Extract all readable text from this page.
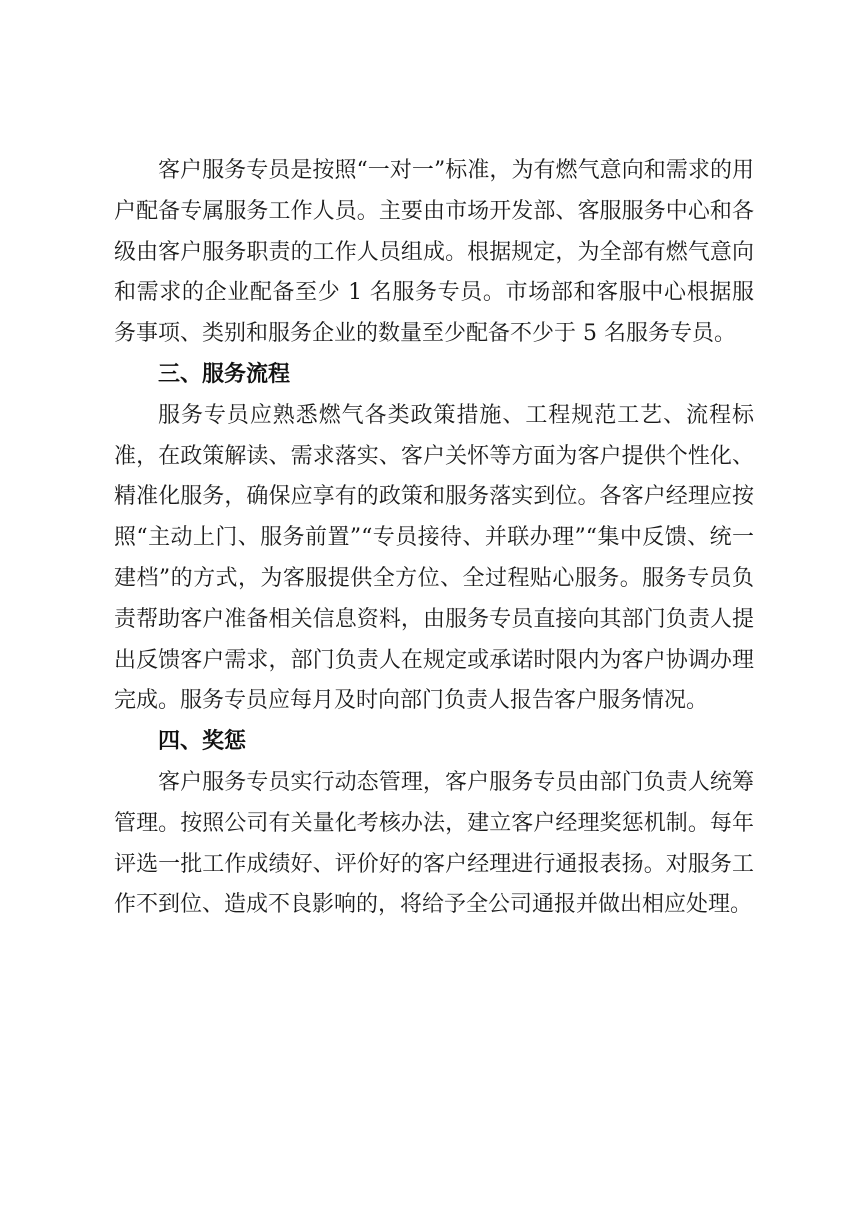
客户服务专员是按照“一对一”标准，为有燃气意向和需求的用户配备专属服务工作人员。主要由市场开发部、客服服务中心和各级由客户服务职责的工作人员组成。根据规定，为全部有燃气意向和需求的企业配备至少 1 名服务专员。市场部和客服中心根据服务事项、类别和服务企业的数量至少配备不少于 5 名服务专员。

三、服务流程

服务专员应熟悉燃气各类政策措施、工程规范工艺、流程标准，在政策解读、需求落实、客户关怀等方面为客户提供个性化、精准化服务，确保应享有的政策和服务落实到位。各客户经理应按照“主动上门、服务前置”“专员接待、并联办理”“集中反馈、统一建档”的方式，为客服提供全方位、全过程贴心服务。服务专员负责帮助客户准备相关信息资料，由服务专员直接向其部门负责人提出反馈客户需求，部门负责人在规定或承诺时限内为客户协调办理完成。服务专员应每月及时向部门负责人报告客户服务情况。

四、奖惩

客户服务专员实行动态管理，客户服务专员由部门负责人统筹管理。按照公司有关量化考核办法，建立客户经理奖惩机制。每年评选一批工作成绩好、评价好的客户经理进行通报表扬。对服务工作不到位、造成不良影响的，将给予全公司通报并做出相应处理。
